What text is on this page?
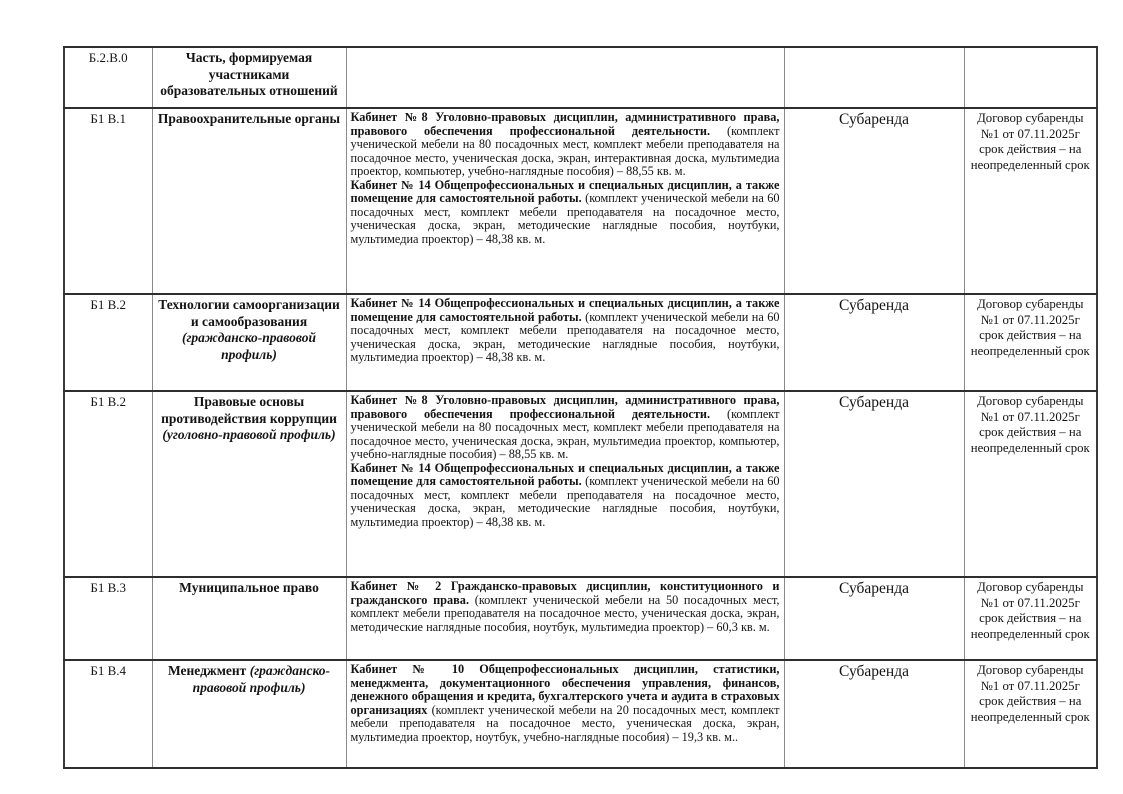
Б.2.В.0	Часть, формируемая участниками образовательных отношений			
Б1 В.1	Правоохранительные органы	Кабинет №8 Уголовно-правовых дисциплин, административного права, правового обеспечения профессиональной деятельности. (комплект ученической мебели на 80 посадочных мест, комплект мебели преподавателя на посадочное место, ученическая доска, экран, интерактивная доска, мультимедиа проектор, компьютер, учебно-наглядные пособия) – 88,55 кв. м.
Кабинет № 14 Общепрофессиональных и специальных дисциплин, а также помещение для самостоятельной работы. (комплект ученической мебели на 60 посадочных мест, комплект мебели преподавателя на посадочное место, ученическая доска, экран, методические наглядные пособия, ноутбуки, мультимедиа проектор) – 48,38 кв. м.	Субаренда	Договор субаренды №1 от 07.11.2025г срок действия – на неопределенный срок
Б1 В.2	Технологии самоорганизации и самообразования (гражданско-правовой профиль)	Кабинет № 14 Общепрофессиональных и специальных дисциплин, а также помещение для самостоятельной работы. (комплект ученической мебели на 60 посадочных мест, комплект мебели преподавателя на посадочное место, ученическая доска, экран, методические наглядные пособия, ноутбуки, мультимедиа проектор) – 48,38 кв. м.	Субаренда	Договор субаренды №1 от 07.11.2025г срок действия – на неопределенный срок
Б1 В.2	Правовые основы противодействия коррупции (уголовно-правовой профиль)	Кабинет №8 Уголовно-правовых дисциплин, административного права, правового обеспечения профессиональной деятельности. (комплект ученической мебели на 80 посадочных мест, комплект мебели преподавателя на посадочное место, ученическая доска, экран, мультимедиа проектор, компьютер, учебно-наглядные пособия) – 88,55 кв. м.
Кабинет № 14 Общепрофессиональных и специальных дисциплин, а также помещение для самостоятельной работы. (комплект ученической мебели на 60 посадочных мест, комплект мебели преподавателя на посадочное место, ученическая доска, экран, методические наглядные пособия, ноутбуки, мультимедиа проектор) – 48,38 кв. м.	Субаренда	Договор субаренды №1 от 07.11.2025г срок действия – на неопределенный срок
Б1 В.3	Муниципальное право	Кабинет № 2 Гражданско-правовых дисциплин, конституционного и гражданского права. (комплект ученической мебели на 50 посадочных мест, комплект мебели преподавателя на посадочное место, ученическая доска, экран, методические наглядные пособия, ноутбук, мультимедиа проектор) – 60,3 кв. м.	Субаренда	Договор субаренды №1 от 07.11.2025г срок действия – на неопределенный срок
Б1 В.4	Менеджмент (гражданско-правовой профиль)	Кабинет № 10 Общепрофессиональных дисциплин, статистики, менеджмента, документационного обеспечения управления, финансов, денежного обращения и кредита, бухгалтерского учета и аудита в страховых организациях (комплект ученической мебели на 20 посадочных мест, комплект мебели преподавателя на посадочное место, ученическая доска, экран, мультимедиа проектор, ноутбук, учебно-наглядные пособия) – 19,3 кв. м..	Субаренда	Договор субаренды №1 от 07.11.2025г срок действия – на неопределенный срок
